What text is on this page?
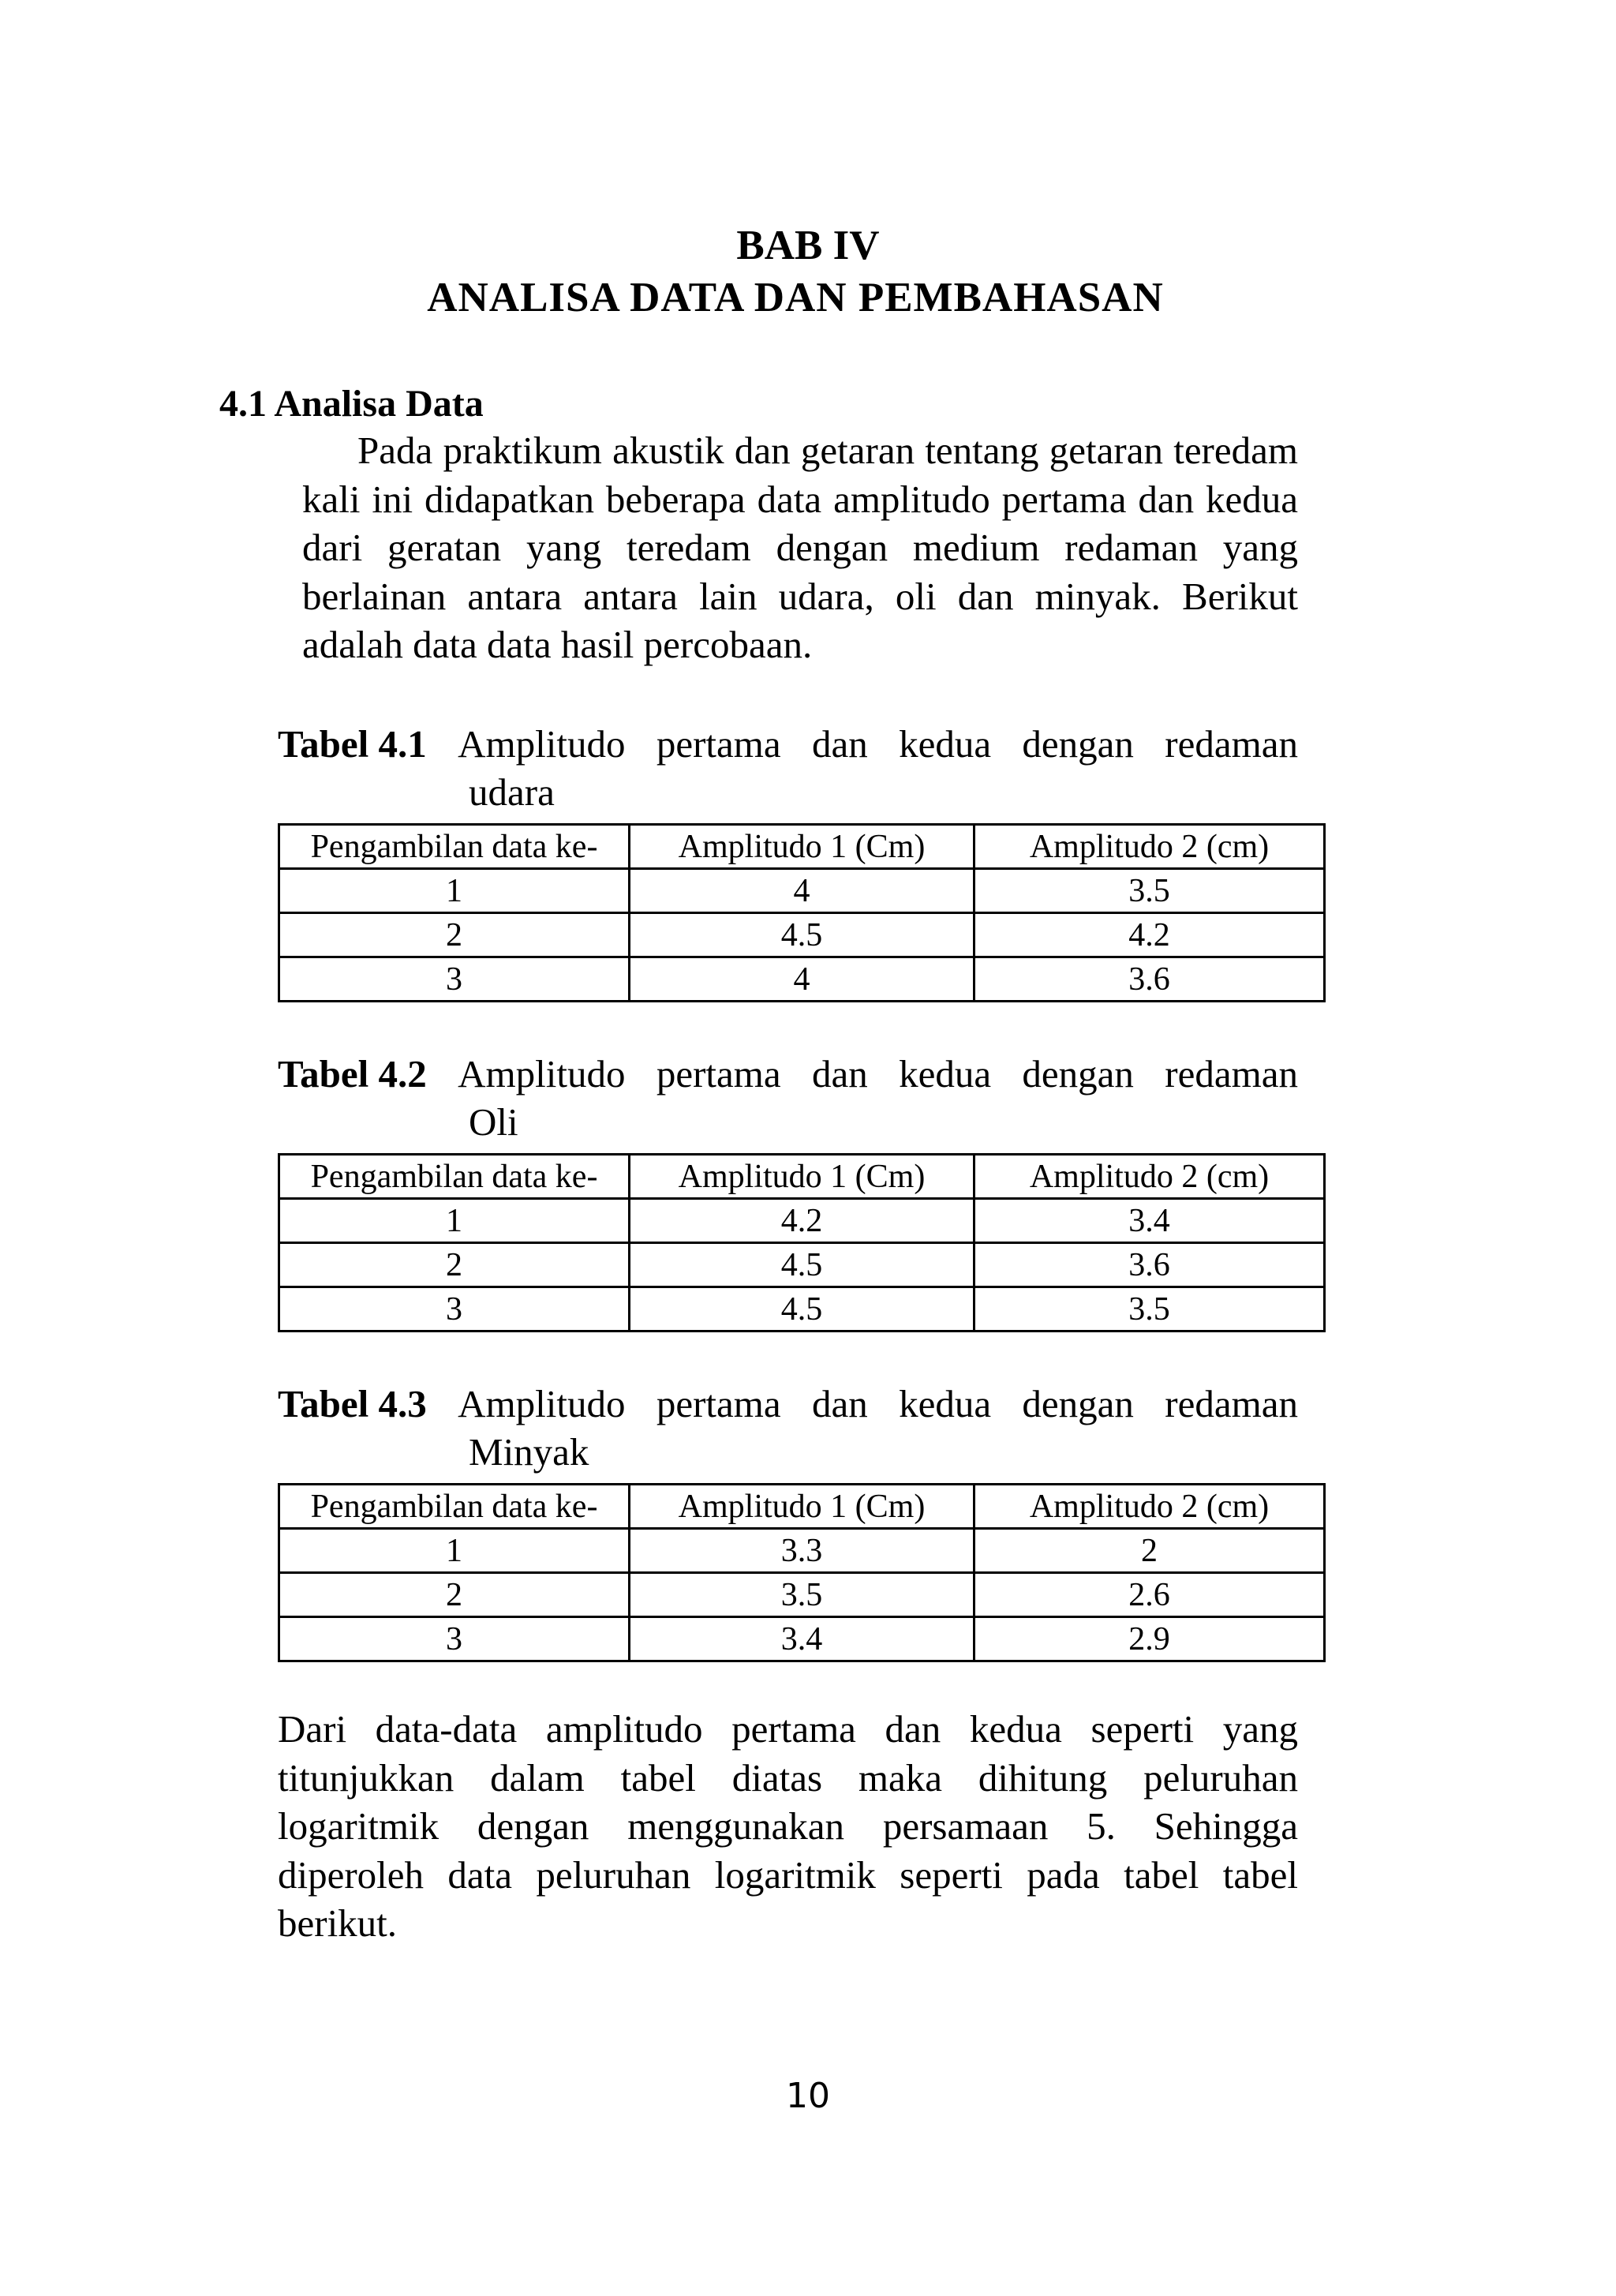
BAB IV
ANALISA DATA DAN PEMBAHASAN
4.1 Analisa Data

Pada praktikum akustik dan getaran tentang getaran teredam kali ini didapatkan beberapa data amplitudo pertama dan kedua dari geratan yang teredam dengan medium redaman yang berlainan antara antara lain udara, oli dan minyak. Berikut adalah data data hasil percobaan.

Tabel 4.1 Amplitudo pertama dan kedua dengan redaman
udara
Pengambilan data ke-	Amplitudo 1 (Cm)	Amplitudo 2 (cm)
1	4	3.5
2	4.5	4.2
3	4	3.6
Tabel 4.2 Amplitudo pertama dan kedua dengan redaman
Oli
Pengambilan data ke-	Amplitudo 1 (Cm)	Amplitudo 2 (cm)
1	4.2	3.4
2	4.5	3.6
3	4.5	3.5
Tabel 4.3 Amplitudo pertama dan kedua dengan redaman
Minyak
Pengambilan data ke-	Amplitudo 1 (Cm)	Amplitudo 2 (cm)
1	3.3	2
2	3.5	2.6
3	3.4	2.9

Dari data-data amplitudo pertama dan kedua seperti yang titunjukkan dalam tabel diatas maka dihitung peluruhan logaritmik dengan menggunakan persamaan 5. Sehingga diperoleh data peluruhan logaritmik seperti pada tabel tabel berikut.

10
